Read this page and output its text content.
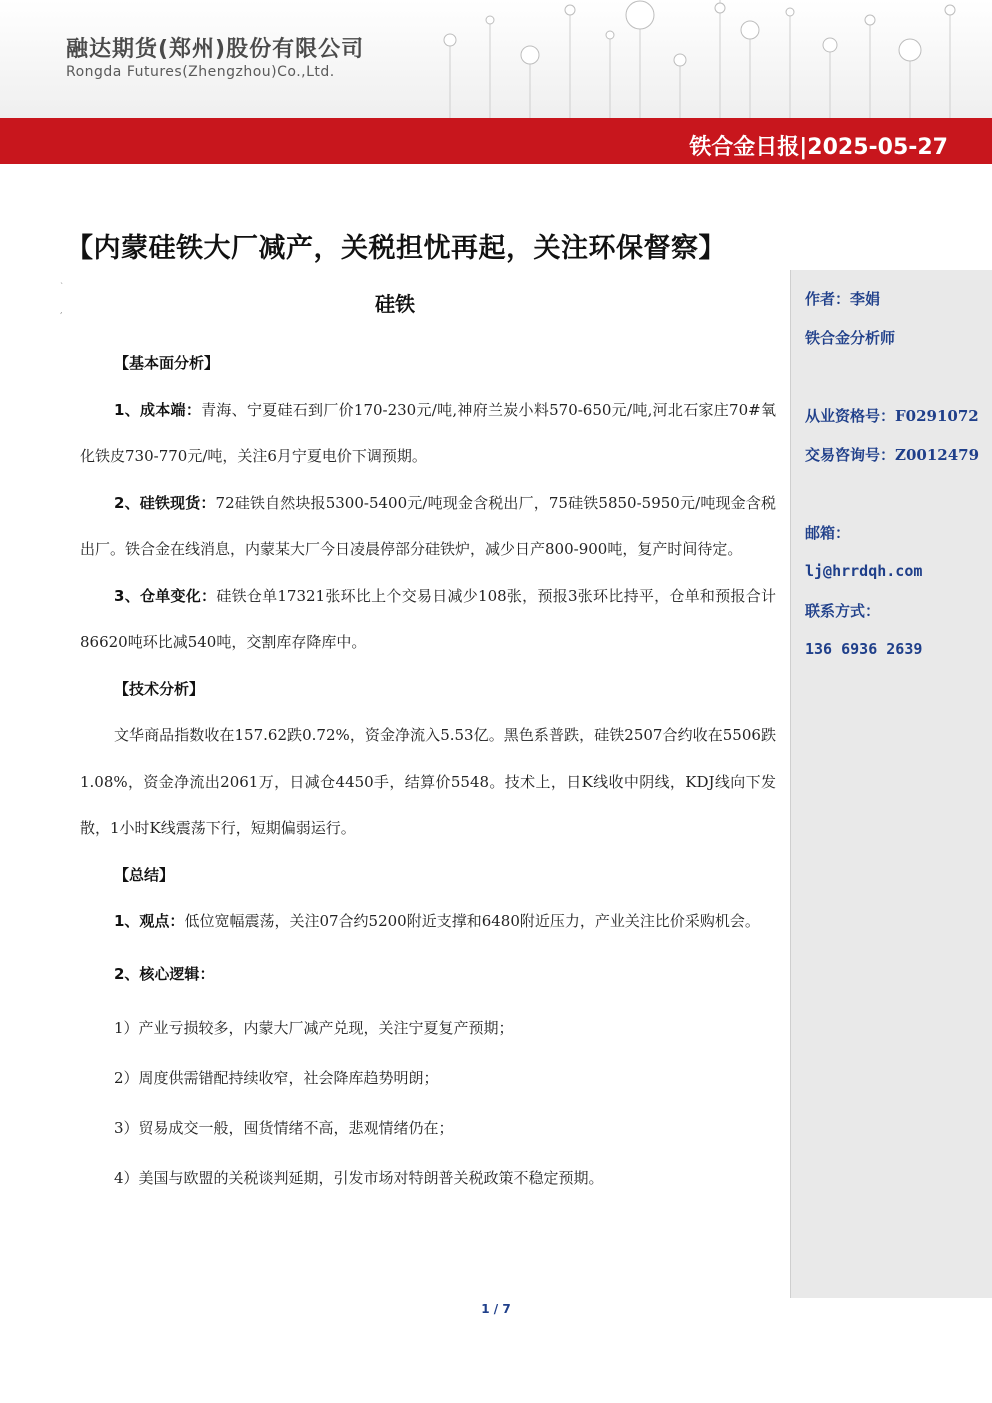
融达期货(郑州)股份有限公司
Rongda Futures(Zhengzhou)Co.,Ltd.
铁合金日报|2025-05-27
【内蒙硅铁大厂减产，关税担忧再起，关注环保督察】
作者：李娟
铁合金分析师
从业资格号：F0291072
交易咨询号：Z0012479
邮箱：
lj@hrrdqh.com
联系方式：
136 6936 2639
`
,	硅铁

【基本面分析】

1、成本端：青海、宁夏硅石到厂价170-230元/吨,神府兰炭小料570-650元/吨,河北石家庄70#氧化铁皮730-770元/吨，关注6月宁夏电价下调预期。

2、硅铁现货：72硅铁自然块报5300-5400元/吨现金含税出厂，75硅铁5850-5950元/吨现金含税出厂。铁合金在线消息，内蒙某大厂今日凌晨停部分硅铁炉，减少日产800-900吨，复产时间待定。

3、仓单变化：硅铁仓单17321张环比上个交易日减少108张，预报3张环比持平，仓单和预报合计86620吨环比减540吨，交割库存降库中。

【技术分析】

文华商品指数收在157.62跌0.72%，资金净流入5.53亿。黑色系普跌，硅铁2507合约收在5506跌1.08%，资金净流出2061万，日减仓4450手，结算价5548。技术上，日K线收中阴线，KDJ线向下发散，1小时K线震荡下行，短期偏弱运行。

【总结】

1、观点：低位宽幅震荡，关注07合约5200附近支撑和6480附近压力，产业关注比价采购机会。

2、核心逻辑：

1）产业亏损较多，内蒙大厂减产兑现，关注宁夏复产预期；

2）周度供需错配持续收窄，社会降库趋势明朗；

3）贸易成交一般，囤货情绪不高，悲观情绪仍在；

4）美国与欧盟的关税谈判延期，引发市场对特朗普关税政策不稳定预期。

1 / 7
